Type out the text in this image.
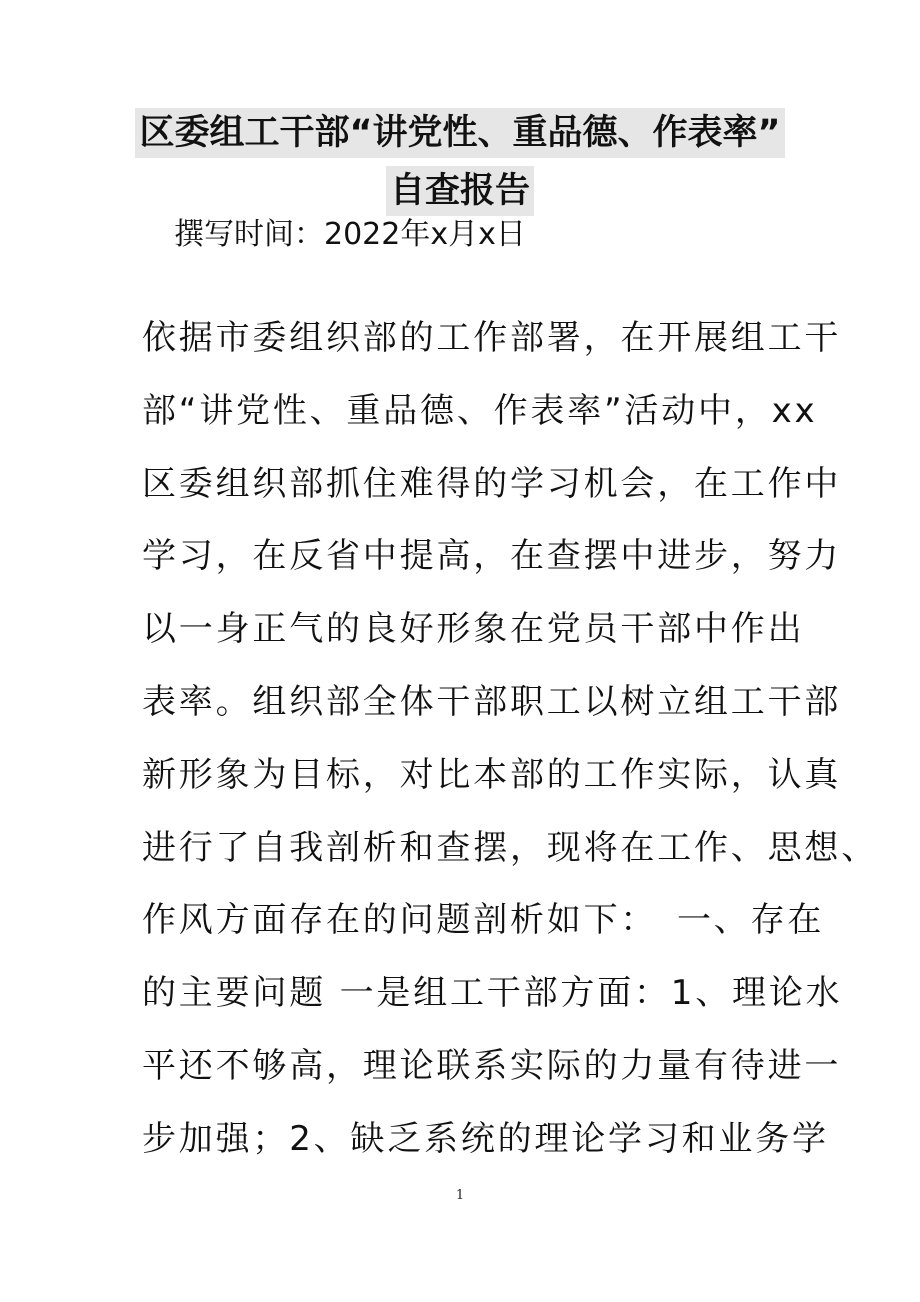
区委组工干部“讲党性、重品德、作表率”
自查报告
撰写时间：2022年x月x日
依据市委组织部的工作部署，在开展组工干
部“讲党性、重品德、作表率”活动中，xx
区委组织部抓住难得的学习机会，在工作中
学习，在反省中提高，在查摆中进步，努力
以一身正气的良好形象在党员干部中作出
表率。组织部全体干部职工以树立组工干部
新形象为目标，对比本部的工作实际，认真
进行了自我剖析和查摆，现将在工作、思想、
作风方面存在的问题剖析如下：　一、存在
的主要问题 一是组工干部方面：1、理论水
平还不够高，理论联系实际的力量有待进一
步加强；2、缺乏系统的理论学习和业务学
1
